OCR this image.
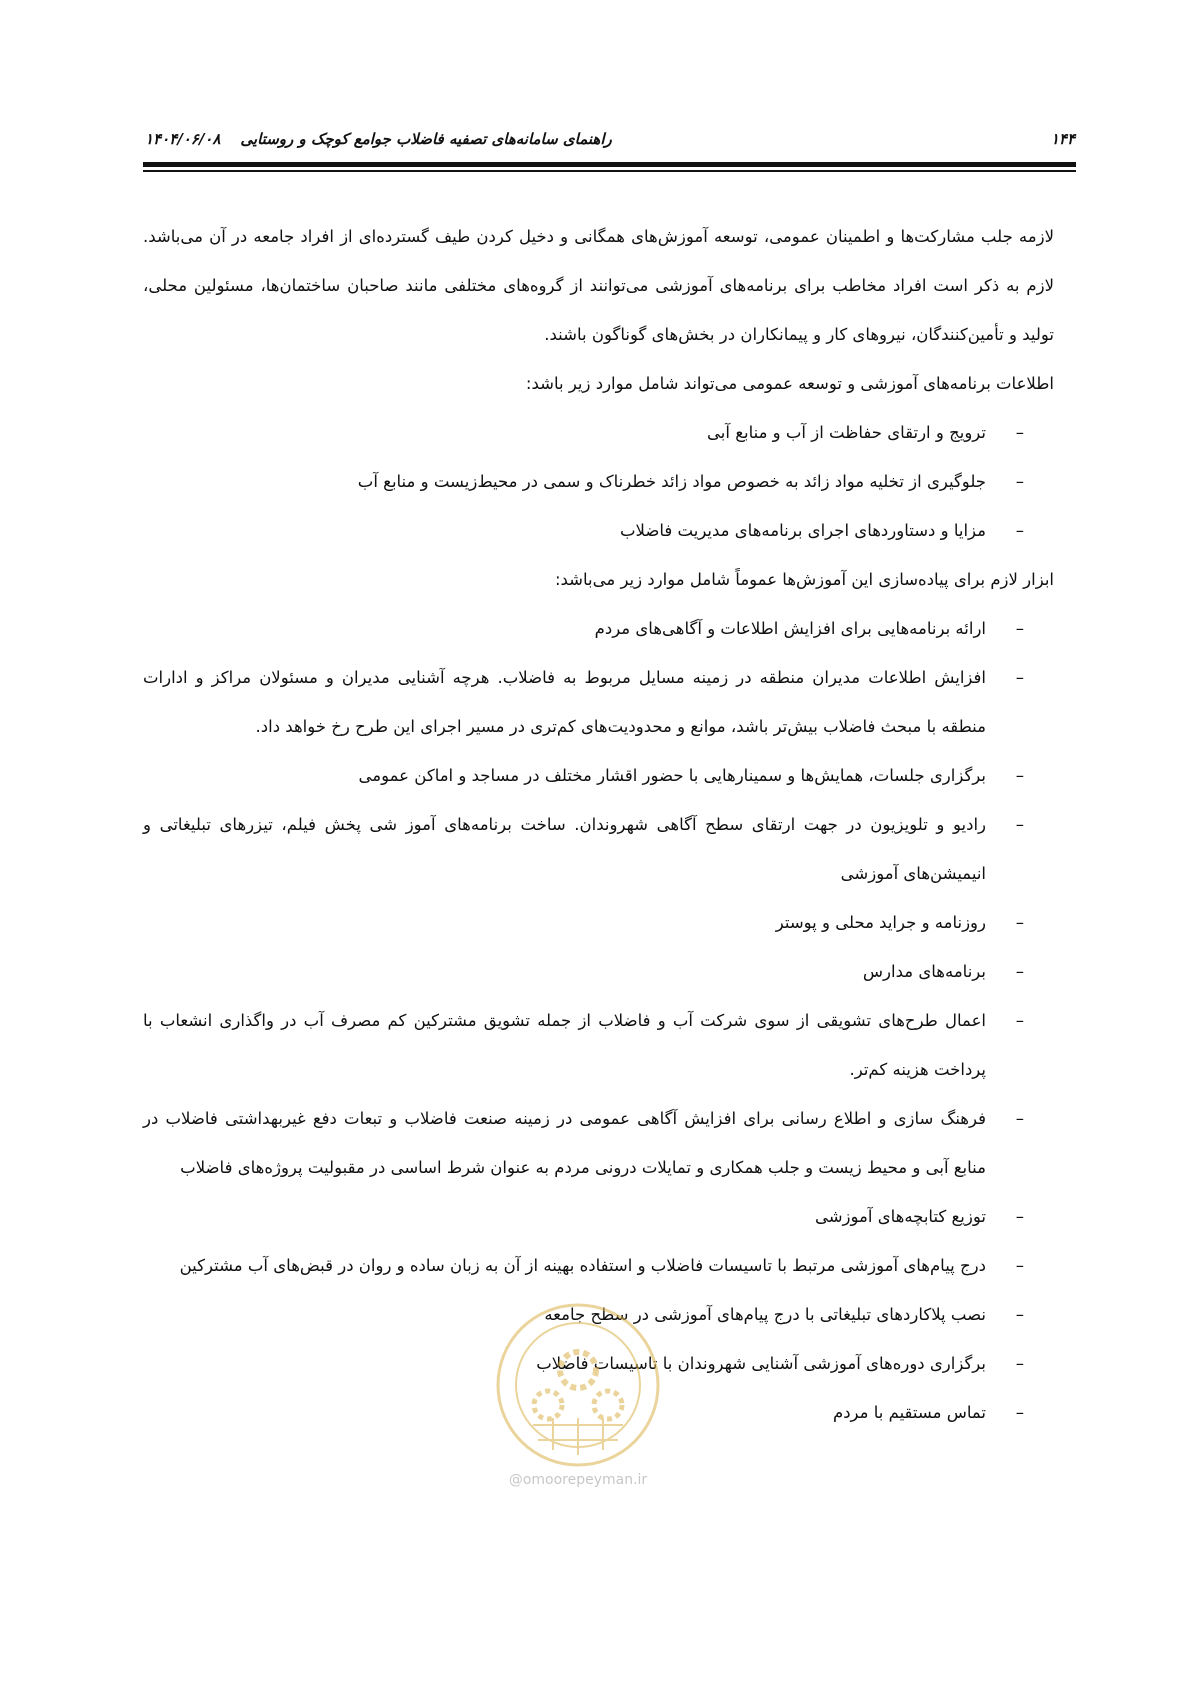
۱۴۴
راهنمای سامانه‌های تصفیه فاضلاب جوامع کوچک و روستایی
۱۴۰۴/۰۶/۰۸
لازمه جلب مشارکت‌ها و اطمینان عمومی، توسعه آموزش‌های همگانی و دخیل کردن طیف گسترده‌ای از افراد جامعه در آن می‌باشد. لازم به ذکر است افراد مخاطب برای برنامه‌های آموزشی می‌توانند از گروه‌های مختلفی مانند صاحبان ساختمان‌ها، مسئولین محلی، تولید و تأمین‌کنندگان، نیروهای کار و پیمانکاران در بخش‌های گوناگون باشند.
اطلاعات برنامه‌های آموزشی و توسعه عمومی می‌تواند شامل موارد زیر باشد:
– ترویج و ارتقای حفاظت از آب و منابع آبی
– جلوگیری از تخلیه مواد زائد به خصوص مواد زائد خطرناک و سمی در محیط‌زیست و منابع آب
– مزایا و دستاوردهای اجرای برنامه‌های مدیریت فاضلاب
ابزار لازم برای پیاده‌سازی این آموزش‌ها عموماً شامل موارد زیر می‌باشد:
– ارائه برنامه‌هایی برای افزایش اطلاعات و آگاهی‌های مردم
– افزایش اطلاعات مدیران منطقه در زمینه مسایل مربوط به فاضلاب. هرچه آشنایی مدیران و مسئولان مراکز و ادارات منطقه با مبحث فاضلاب بیش‌تر باشد، موانع و محدودیت‌های کم‌تری در مسیر اجرای این طرح رخ خواهد داد.
– برگزاری جلسات، همایش‌ها و سمینارهایی با حضور اقشار مختلف در مساجد و اماکن عمومی
– رادیو و تلویزیون در جهت ارتقای سطح آگاهی شهروندان. ساخت برنامه‌های آموز شی پخش فیلم، تیزرهای تبلیغاتی و انیمیشن‌های آموزشی
– روزنامه و جراید محلی و پوستر
– برنامه‌های مدارس
– اعمال طرح‌های تشویقی از سوی شرکت آب و فاضلاب از جمله تشویق مشترکین کم مصرف آب در واگذاری انشعاب با پرداخت هزینه کم‌تر.
– فرهنگ سازی و اطلاع رسانی برای افزایش آگاهی عمومی در زمینه صنعت فاضلاب و تبعات دفع غیربهداشتی فاضلاب در منابع آبی و محیط زیست و جلب همکاری و تمایلات درونی مردم به عنوان شرط اساسی در مقبولیت پروژه‌های فاضلاب
– توزیع کتابچه‌های آموزشی
– درج پیام‌های آموزشی مرتبط با تاسیسات فاضلاب و استفاده بهینه از آن به زبان ساده و روان در قبض‌های آب مشترکین
– نصب پلاکاردهای تبلیغاتی با درج پیام‌های آموزشی در سطح جامعه
– برگزاری دوره‌های آموزشی آشنایی شهروندان با تاسیسات فاضلاب
– تماس مستقیم با مردم
@omoorepeyman.ir
